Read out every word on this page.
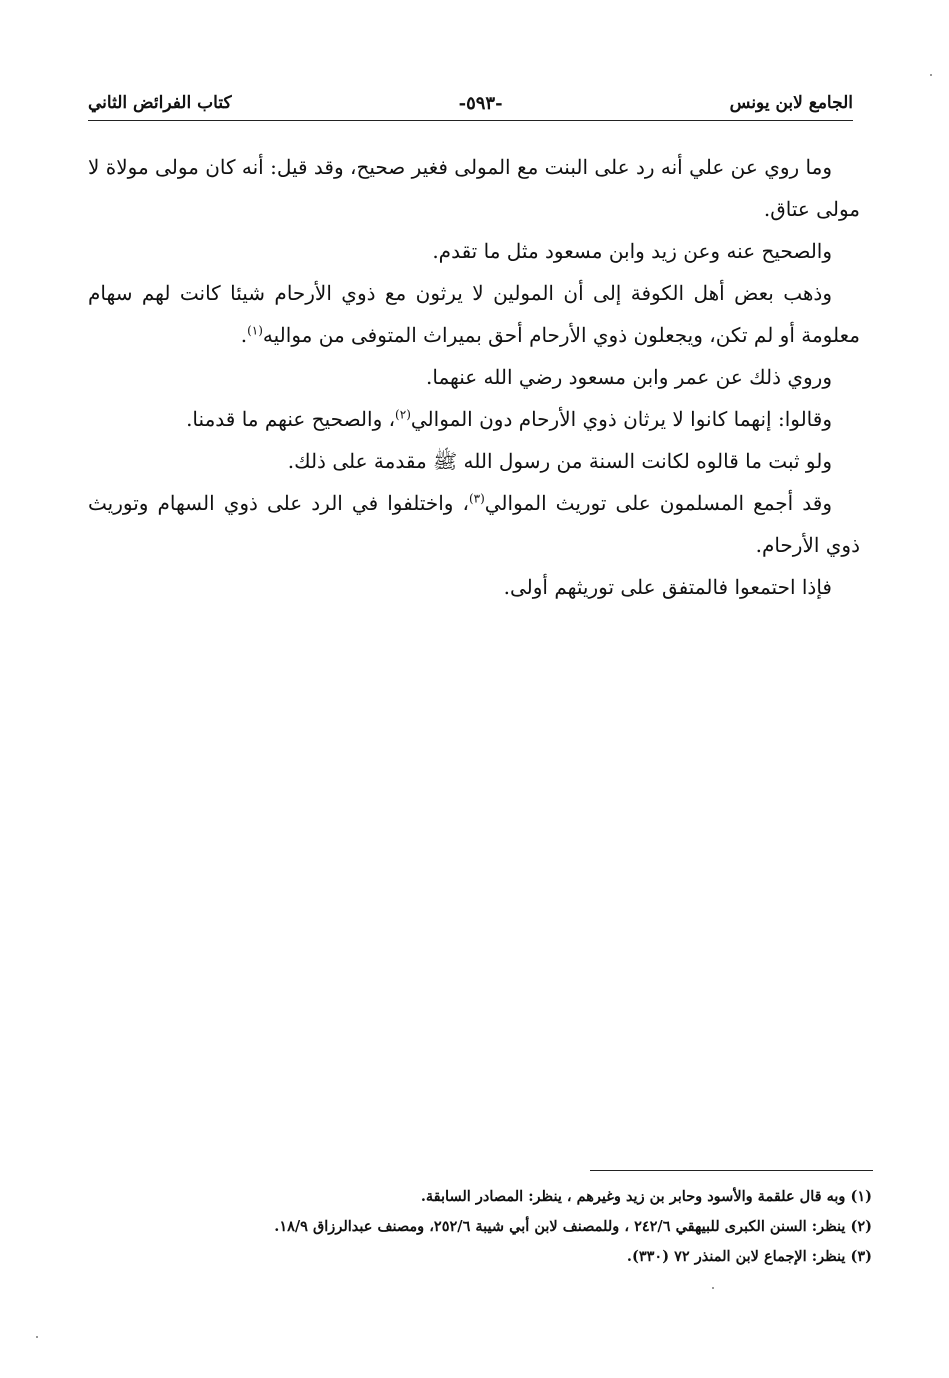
الجامع لابن يونس
-٥٩٣-
كتاب الفرائض الثاني

وما روي عن علي أنه رد على البنت مع المولى فغير صحيح، وقد قيل: أنه كان مولى مولاة لا مولى عتاق.

والصحيح عنه وعن زيد وابن مسعود مثل ما تقدم.

وذهب بعض أهل الكوفة إلى أن المولين لا يرثون مع ذوي الأرحام شيئا كانت لهم سهام معلومة أو لم تكن، ويجعلون ذوي الأرحام أحق بميراث المتوفى من مواليه$^{(١)}$.

وروي ذلك عن عمر وابن مسعود رضي الله عنهما.

وقالوا: إنهما كانوا لا يرثان ذوي الأرحام دون الموالي$^{(٢)}$، والصحيح عنهم ما قدمنا.

ولو ثبت ما قالوه لكانت السنة من رسول الله ﷺ مقدمة على ذلك.

وقد أجمع المسلمون على توريث الموالي$^{(٣)}$، واختلفوا في الرد على ذوي السهام وتوريث ذوي الأرحام.

فإذا احتمعوا فالمتفق على توريثهم أولى.

(١) وبه قال علقمة والأسود وحابر بن زيد وغيرهم ، ينظر: المصادر السابقة.

(٢) ينظر: السنن الكبرى للبيهقي ٢٤٢/٦ ، وللمصنف لابن أبي شيبة ٢٥٢/٦، ومصنف عبدالرزاق ١٨/٩.

(٣) ينظر: الإجماع لابن المنذر ٧٢ (٣٣٠).
